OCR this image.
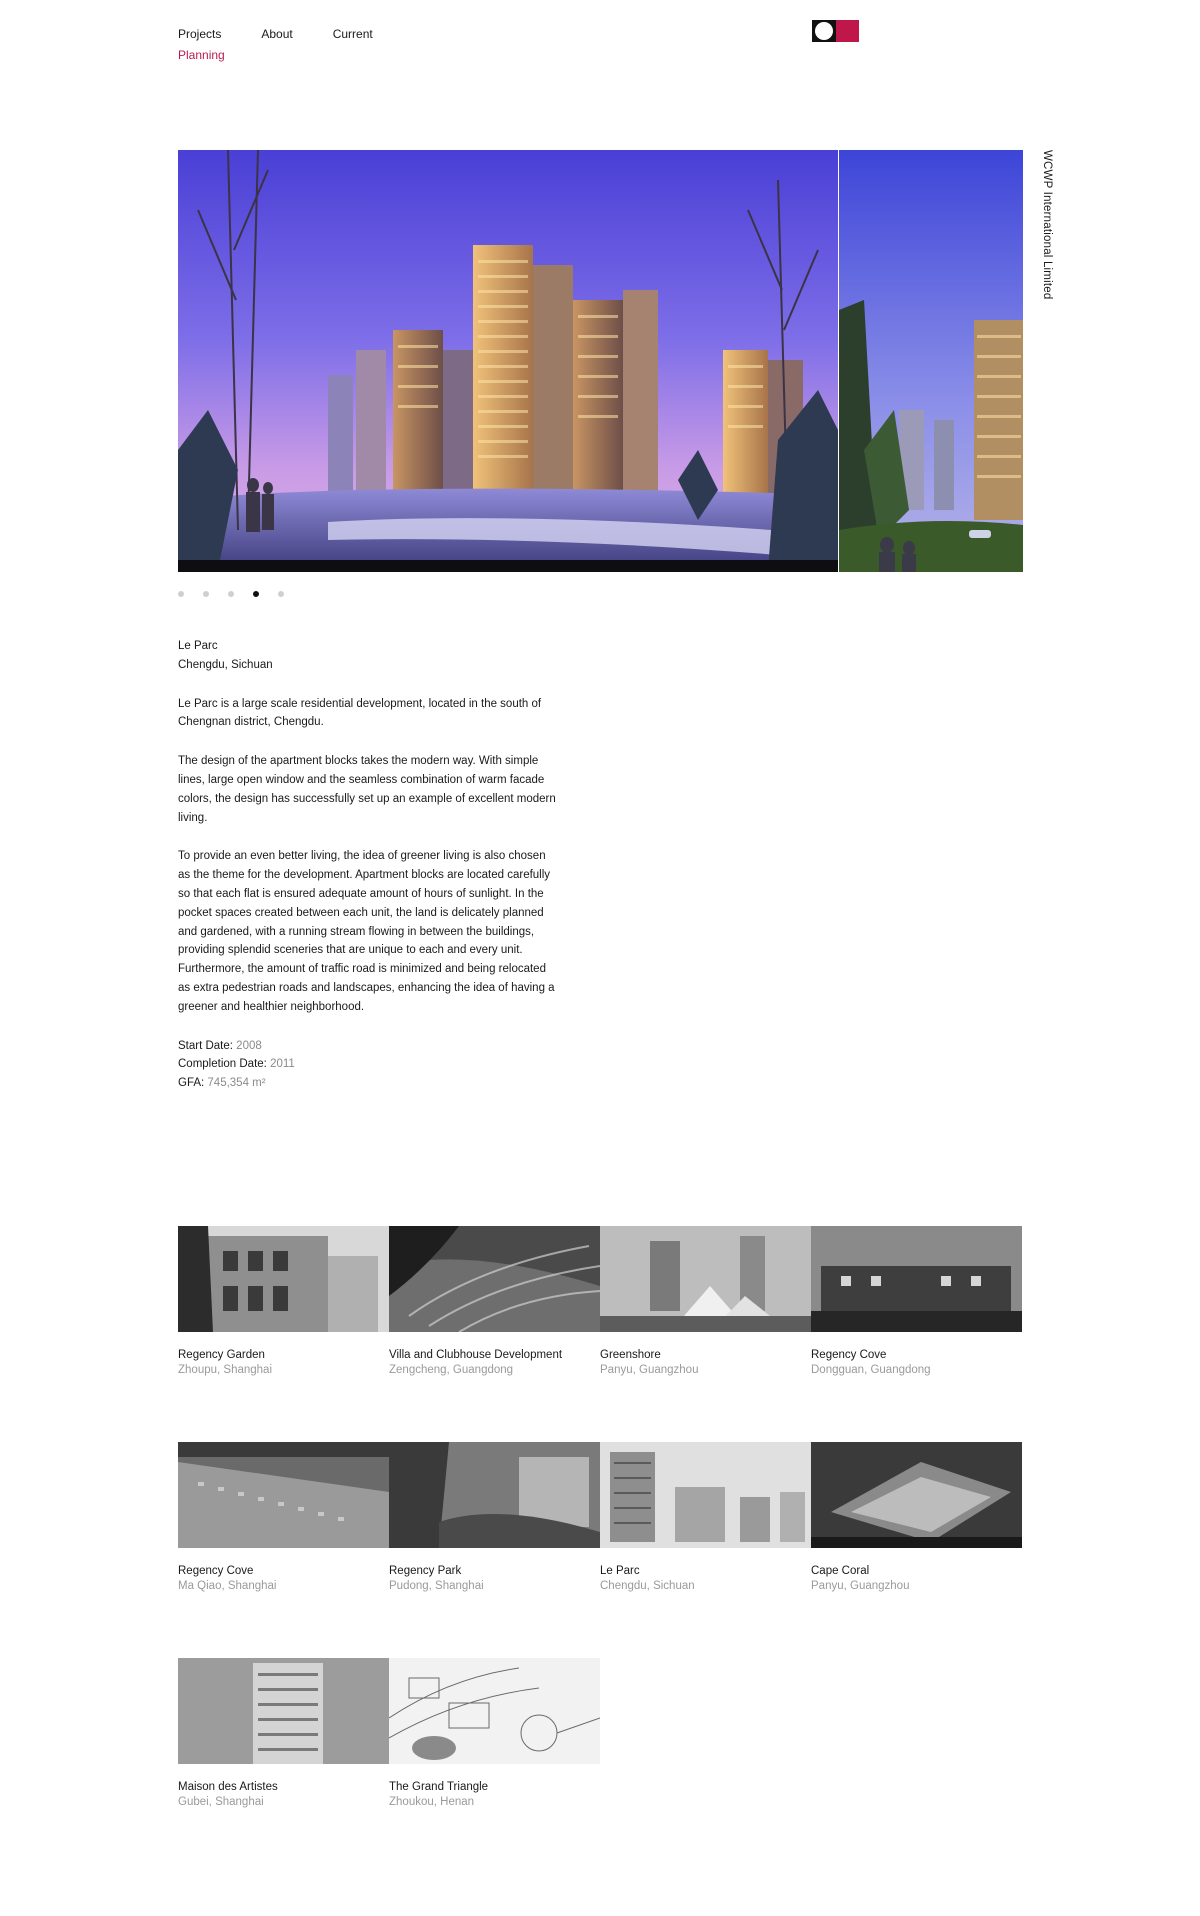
Projects	About	Current
Planning
WCWP International Limited

Le Parc
Chengdu, Sichuan

Le Parc is a large scale residential development, located in the south of Chengnan district, Chengdu.

The design of the apartment blocks takes the modern way. With simple lines, large open window and the seamless combination of warm facade colors, the design has successfully set up an example of excellent modern living.

To provide an even better living, the idea of greener living is also chosen as the theme for the development. Apartment blocks are located carefully so that each flat is ensured adequate amount of hours of sunlight. In the pocket spaces created between each unit, the land is delicately planned and gardened, with a running stream flowing in between the buildings, providing splendid sceneries that are unique to each and every unit. Furthermore, the amount of traffic road is minimized and being relocated as extra pedestrian roads and landscapes, enhancing the idea of having a greener and healthier neighborhood.

Start Date: 2008
Completion Date: 2011
GFA: 745,354 m²
Regency Garden
Zhoupu, Shanghai
Villa and Clubhouse Development
Zengcheng, Guangdong
Greenshore
Panyu, Guangzhou
Regency Cove
Dongguan, Guangdong
Regency Cove
Ma Qiao, Shanghai
Regency Park
Pudong, Shanghai
Le Parc
Chengdu, Sichuan
Cape Coral
Panyu, Guangzhou
Maison des Artistes
Gubei, Shanghai
The Grand Triangle
Zhoukou, Henan
